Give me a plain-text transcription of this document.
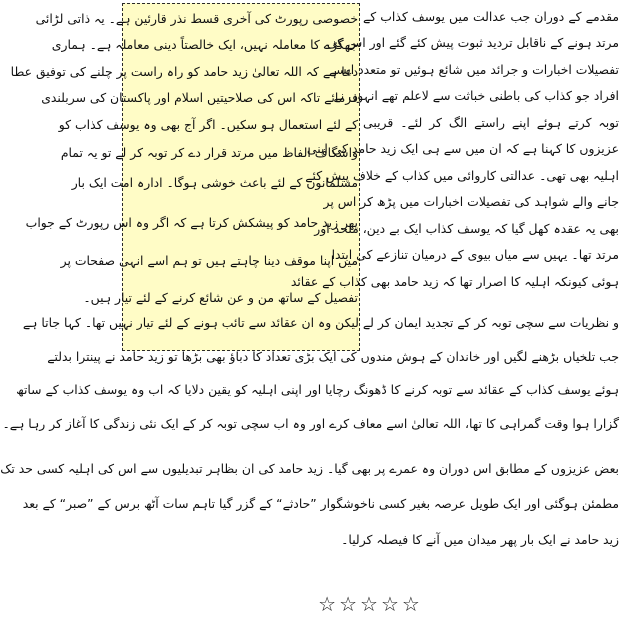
مقدمے کے دوران جب عدالت میں یوسف کذاب کے
مرتد ہونے کے ناقابل تردید ثبوت پیش کئے گئے اور اس کی
تفصیلات اخبارات و جرائد میں شائع ہوئیں تو متعدد ایسے
افراد جو کذاب کی باطنی خباثت سے لاعلم تھے انہوں نے
توبہ کرتے ہوئے اپنے راستے الگ کر لئے۔ قریبی
عزیزوں کا کہنا ہے کہ ان میں سے ہی ایک زید حامد کی اپنی
اہلیہ بھی تھی۔ عدالتی کاروائی میں کذاب کے خلاف پیش کئے
جانے والے شواہد کی تفصیلات اخبارات میں پڑھ کر اس پر
بھی یہ عقدہ کھل گیا کہ یوسف کذاب ایک بے دین، ملحد اور
مرتد تھا۔ یہیں سے میاں بیوی کے درمیان تنازعے کی ابتدا
ہوئی کیونکہ اہلیہ کا اصرار تھا کہ زید حامد بھی کذاب کے عقائد
خصوصی رپورٹ کی آخری قسط نذر قارئین ہے۔ یہ ذاتی لڑائی
جھگڑے کا معاملہ نہیں، ایک خالصتاً دینی معاملہ ہے۔ ہماری
دعا ہے کہ اللہ تعالیٰ زید حامد کو راہ راست پر چلنے کی توفیق عطا
فرمائے تاکہ اس کی صلاحیتیں اسلام اور پاکستان کی سربلندی
کے لئے استعمال ہو سکیں۔ اگر آج بھی وہ یوسف کذاب کو
واشگاف الفاظ میں مرتد قرار دے کر توبہ کر لے تو یہ تمام
مسلمانوں کے لئے باعث خوشی ہوگا۔ ادارہ امت ایک بار
پھر زید حامد کو پیشکش کرتا ہے کہ اگر وہ اس رپورٹ کے جواب
میں اپنا موقف دینا چاہتے ہیں تو ہم اسے انہی صفحات پر
تفصیل کے ساتھ من و عن شائع کرنے کے لئے تیار ہیں۔
و نظریات سے سچی توبہ کر کے تجدید ایمان کر لے لیکن وہ ان عقائد سے تائب ہونے کے لئے تیار نہیں تھا۔ کہا جاتا ہے
جب تلخیاں بڑھنے لگیں اور خاندان کے ہوش مندوں کی ایک بڑی تعداد کا دباؤ بھی بڑھا تو زید حامد نے پینترا بدلتے
ہوئے یوسف کذاب کے عقائد سے توبہ کرنے کا ڈھونگ رچایا اور اپنی اہلیہ کو یقین دلایا کہ اب وہ یوسف کذاب کے ساتھ
گزارا ہوا وقت گمراہی کا تھا، اللہ تعالیٰ اسے معاف کرے اور وہ اب سچی توبہ کر کے ایک نئی زندگی کا آغاز کر رہا ہے۔
بعض عزیزوں کے مطابق اس دوران وہ عمرے پر بھی گیا۔ زید حامد کی ان بظاہر تبدیلیوں سے اس کی اہلیہ کسی حد تک
مطمئن ہوگئی اور ایک طویل عرصہ بغیر کسی ناخوشگوار ”حادثے“ کے گزر گیا تاہم سات آٹھ برس کے ”صبر“ کے بعد
زید حامد نے ایک بار پھر میدان میں آنے کا فیصلہ کرلیا۔
☆☆☆☆☆
